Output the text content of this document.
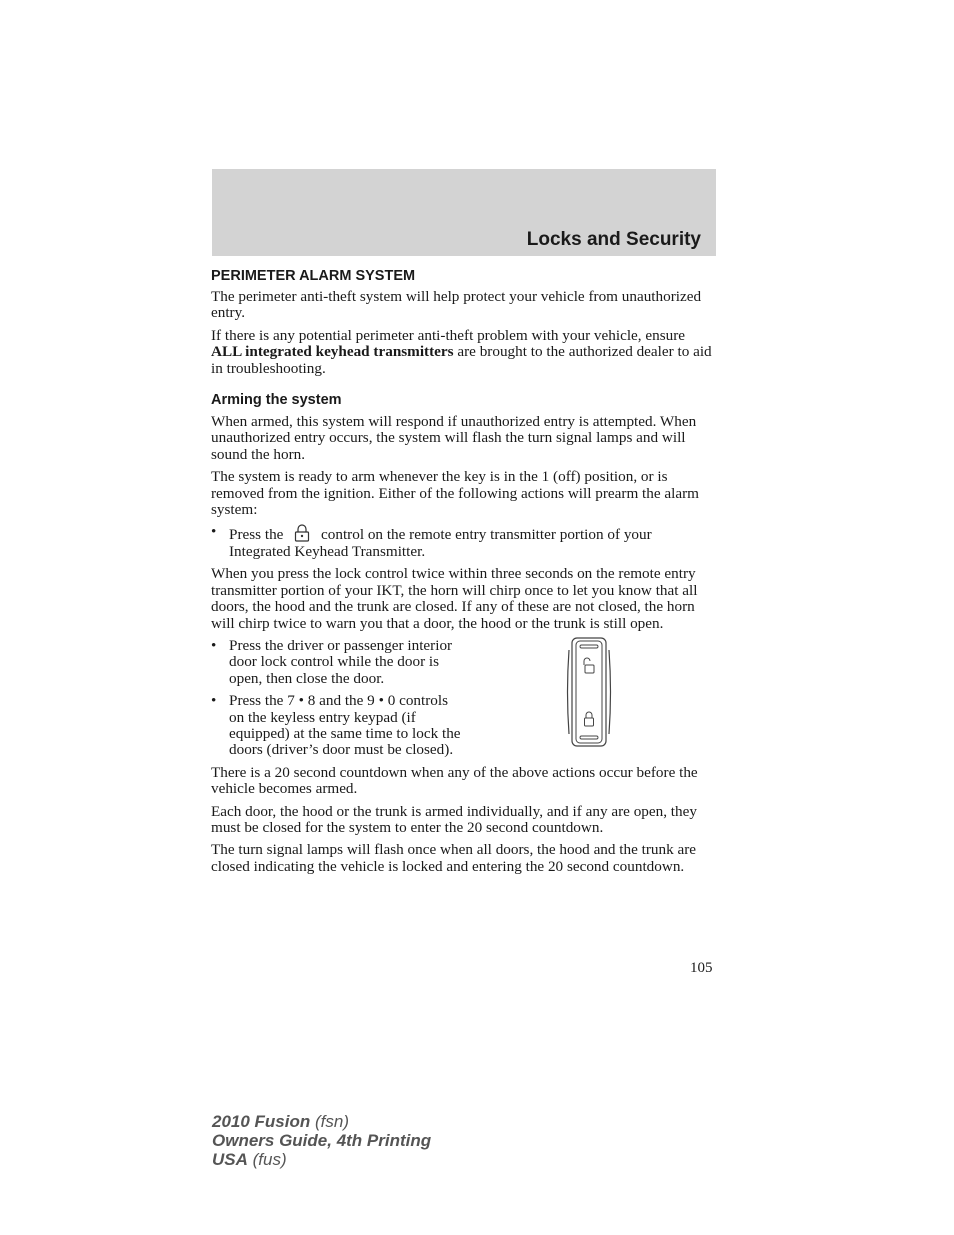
Locks and Security
PERIMETER ALARM SYSTEM

The perimeter anti-theft system will help protect your vehicle from unauthorized entry.

If there is any potential perimeter anti-theft problem with your vehicle, ensure ALL integrated keyhead transmitters are brought to the authorized dealer to aid in troubleshooting.

Arming the system

When armed, this system will respond if unauthorized entry is attempted. When unauthorized entry occurs, the system will flash the turn signal lamps and will sound the horn.

The system is ready to arm whenever the key is in the 1 (off) position, or is removed from the ignition. Either of the following actions will prearm the alarm system:

• Press the  control on the remote entry transmitter portion of your Integrated Keyhead Transmitter.

When you press the lock control twice within three seconds on the remote entry transmitter portion of your IKT, the horn will chirp once to let you know that all doors, the hood and the trunk are closed. If any of these are not closed, the horn will chirp twice to warn you that a door, the hood or the trunk is still open.

• Press the driver or passenger interior door lock control while the door is open, then close the door.
• Press the 7 • 8 and the 9 • 0 controls on the keyless entry keypad (if equipped) at the same time to lock the doors (driver’s door must be closed).

There is a 20 second countdown when any of the above actions occur before the vehicle becomes armed.

Each door, the hood or the trunk is armed individually, and if any are open, they must be closed for the system to enter the 20 second countdown.

The turn signal lamps will flash once when all doors, the hood and the trunk are closed indicating the vehicle is locked and entering the 20 second countdown.

105
2010 Fusion (fsn)
Owners Guide, 4th Printing
USA (fus)
